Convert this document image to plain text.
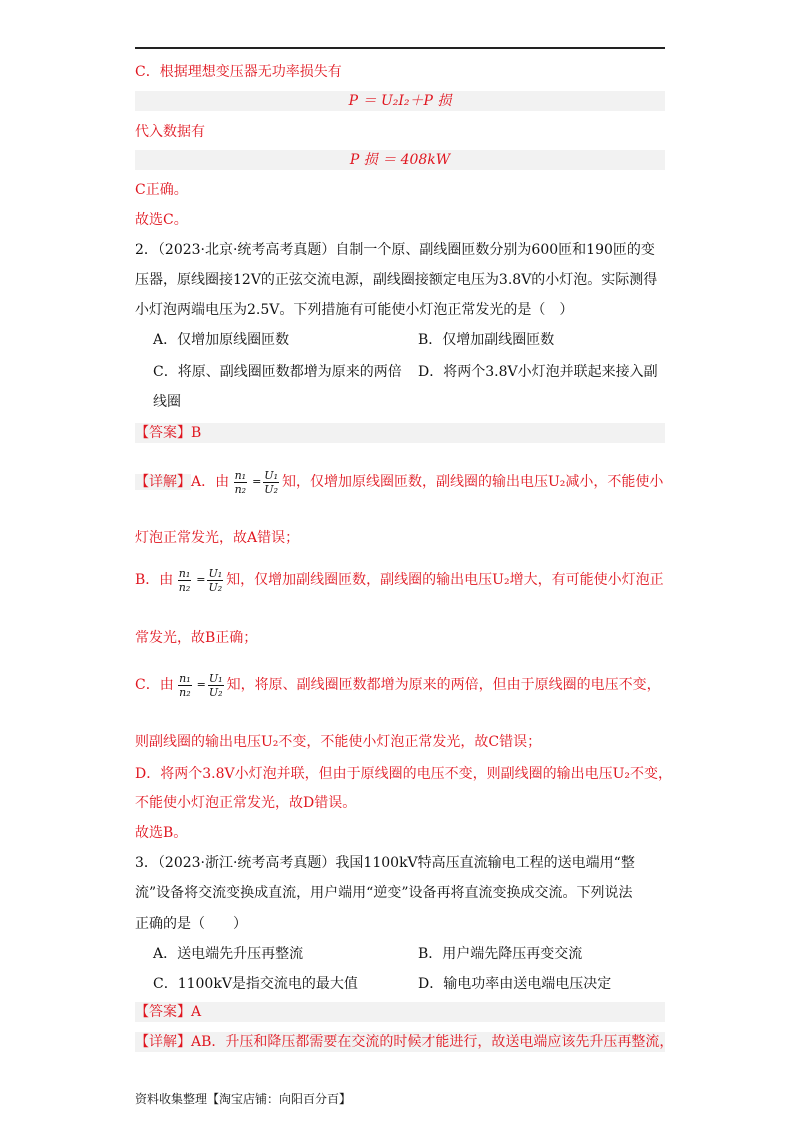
C．根据理想变压器无功率损失有
P ＝ U₂I₂＋P 损
代入数据有
P 损 ＝ 408kW
C正确。
故选C。
2．（2023·北京·统考高考真题）自制一个原、副线圈匝数分别为600匝和190匝的变
压器，原线圈接12V的正弦交流电源，副线圈接额定电压为3.8V的小灯泡。实际测得
小灯泡两端电压为2.5V。下列措施有可能使小灯泡正常发光的是（　）
A．仅增加原线圈匝数	B．仅增加副线圈匝数
C．将原、副线圈匝数都增为原来的两倍 D．将两个3.8V小灯泡并联起来接入副
线圈
【答案】B
【详解】A．由 $\frac{\text{n₁}}{\text{n₂}} = \frac{\text{U₁}}{\text{U₂}}$ 知，仅增加原线圈匝数，副线圈的输出电压U₂减小，不能使小
灯泡正常发光，故A错误；
B．由 $\frac{\text{n₁}}{\text{n₂}} = \frac{\text{U₁}}{\text{U₂}}$ 知，仅增加副线圈匝数，副线圈的输出电压U₂增大，有可能使小灯泡正
常发光，故B正确；
C．由 $\frac{\text{n₁}}{\text{n₂}} = \frac{\text{U₁}}{\text{U₂}}$ 知，将原、副线圈匝数都增为原来的两倍，但由于原线圈的电压不变，
则副线圈的输出电压U₂不变，不能使小灯泡正常发光，故C错误；
D．将两个3.8V小灯泡并联，但由于原线圈的电压不变，则副线圈的输出电压U₂不变，
不能使小灯泡正常发光，故D错误。
故选B。
3．（2023·浙江·统考高考真题）我国1100kV特高压直流输电工程的送电端用“整
流”设备将交流变换成直流，用户端用“逆变”设备再将直流变换成交流。下列说法
正确的是（　　）
A．送电端先升压再整流	B．用户端先降压再变交流
C．1100kV是指交流电的最大值	D．输电功率由送电端电压决定
【答案】A
【详解】AB．升压和降压都需要在交流的时候才能进行，故送电端应该先升压再整流，
资料收集整理【淘宝店铺：向阳百分百】
